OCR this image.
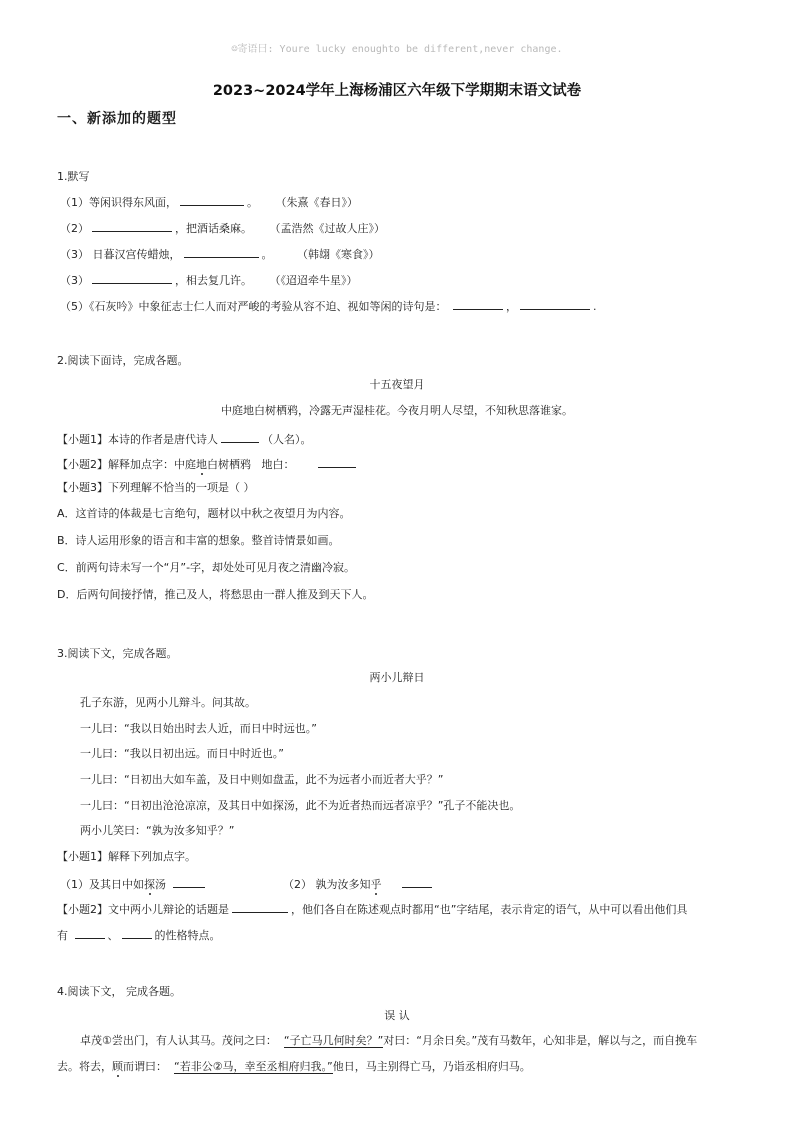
☺寄语曰: Youre lucky enoughto be different,never change.
2023~2024学年上海杨浦区六年级下学期期末语文试卷
一、新添加的题型
1.默写
（1）等闲识得东风面，	。 （朱熹《春日》）
（2）	，把酒话桑麻。 （孟浩然《过故人庄》）
（3） 日暮汉宫传蜡烛，	。 （韩翃《寒食》）
（3）	，相去复几许。 （《迢迢牵牛星》）
（5）《石灰吟》中象征志士仁人而对严峻的考验从容不迫、视如等闲的诗句是：	，	.
2.阅读下面诗，完成各题。
十五夜望月
中庭地白树栖鸦，冷露无声湿桂花。今夜月明人尽望，不知秋思落谁家。
【小题1】本诗的作者是唐代诗人	（人名）。
【小题2】解释加点字：中庭地白树栖鸦 地白：
【小题3】下列理解不恰当的一项是（ ）
A．这首诗的体裁是七言绝句，题材以中秋之夜望月为内容。
B．诗人运用形象的语言和丰富的想象。整首诗情景如画。
C．前两句诗未写一个“月”-字，却处处可见月夜之清幽冷寂。
D．后两句间接抒情，推己及人，将愁思由一群人推及到天下人。
3.阅读下文，完成各题。
两小儿辩日
孔子东游，见两小儿辩斗。问其故。
一儿曰：“我以日始出时去人近，而日中时远也。”
一儿曰：“我以日初出远。而日中时近也。”
一儿曰：“日初出大如车盖，及日中则如盘盂，此不为远者小而近者大乎？”
一儿曰：“日初出沧沧凉凉，及其日中如探汤，此不为近者热而远者凉乎？”孔子不能决也。
两小儿笑曰：“孰为汝多知乎？”
【小题1】解释下列加点字。
（1）及其日中如探汤	（2） 孰为汝多知乎
【小题2】文中两小儿辩论的话题是	，他们各自在陈述观点时都用“也”字结尾，表示肯定的语气，从中可以看出他们具
有	、	的性格特点。
4.阅读下文， 完成各题。
误 认
卓茂①尝出门，有人认其马。茂问之曰： “子亡马几何时矣？”对曰：“月余日矣。”茂有马数年，心知非是，解以与之，而自挽车
去。将去，顾而谓曰： “若非公②马，幸至丞相府归我。”他日，马主别得亡马，乃诣丞相府归马。
